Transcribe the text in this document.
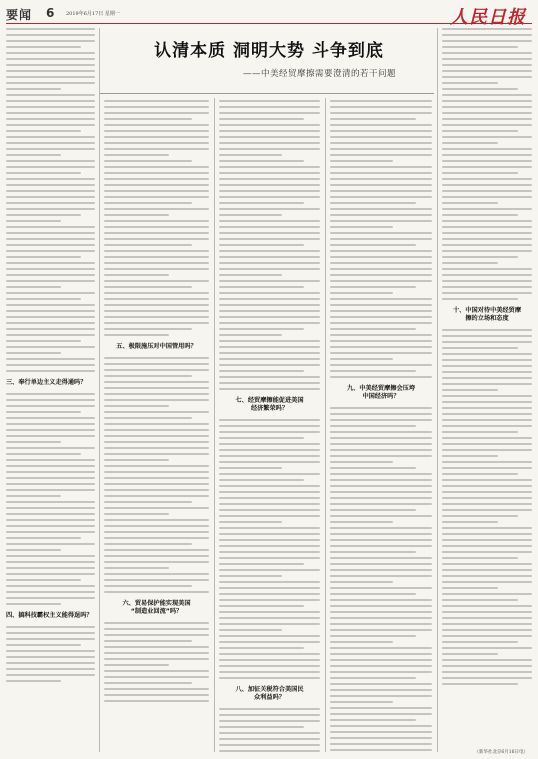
要闻 6 2019年6月17日 星期一	人民日报
认清本质 洞明大势 斗争到底
——中美经贸摩擦需要澄清的若干问题
三、奉行单边主义走得通吗？
四、搞科技霸权主义能得逞吗？
五、极限施压对中国管用吗？
六、贸易保护能实现美国
“制造业回流”吗？
七、经贸摩擦能促进美国
经济繁荣吗？
八、加征关税符合美国民
众利益吗？
九、中美经贸摩擦会压垮
中国经济吗？
十、中国对待中美经贸摩
擦的立场和态度
（新华社北京6月16日电）
